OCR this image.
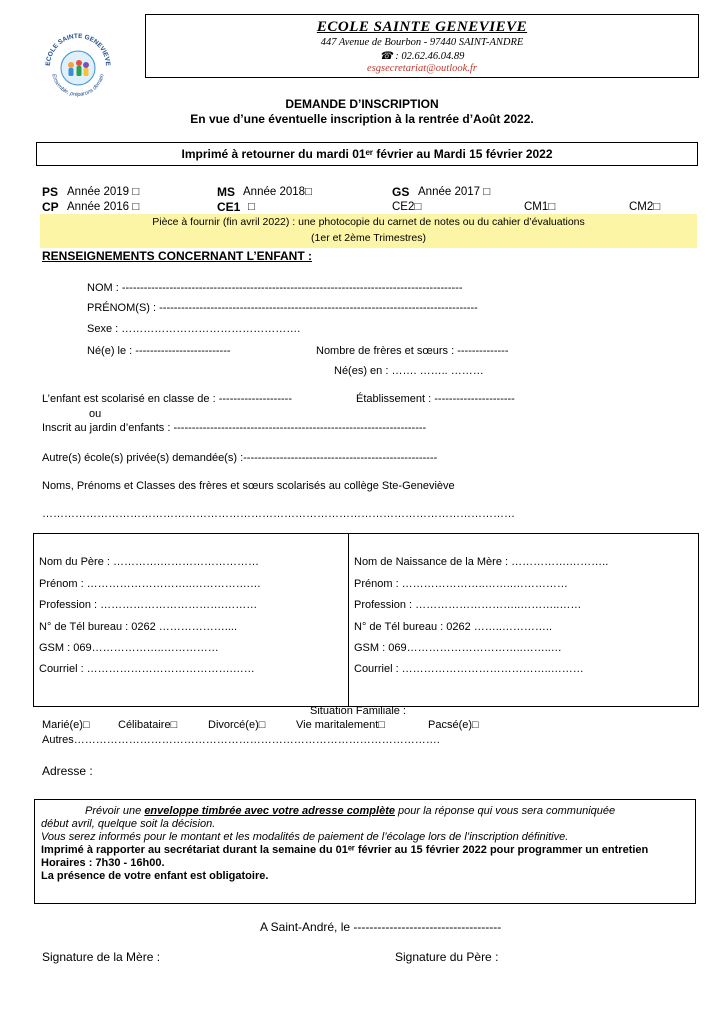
ECOLE SAINTE GENEVIEVE
Ensemble, préparons demain
ECOLE SAINTE GENEVIEVE
447 Avenue de Bourbon - 97440 SAINT-ANDRE
☎ : 02.62.46.04.89
esgsecretariat@outlook.fr
DEMANDE D’INSCRIPTION
En vue d’une éventuelle inscription à la rentrée d’Août 2022.
Imprimé à retourner du mardi 01ᵉʳ février au Mardi 15 février 2022
PS Année 2019 □	MS Année 2018□	GS Année 2017 □
CP Année 2016 □	CE1 □	CE2□	CM1□	CM2□
Pièce à fournir (fin avril 2022) : une photocopie du carnet de notes ou du cahier d’évaluations
(1er et 2ème Trimestres)
RENSEIGNEMENTS CONCERNANT L’ENFANT :
NOM : ---------------------------------------------------------------------------------------------
PRÉNOM(S) : ---------------------------------------------------------------------------------------
Sexe : ………………………………………….
Né(e) le : --------------------------	Nombre de frères et sœurs : --------------
Né(es) en : ……. …….. ………
L’enfant est scolarisé en classe de : --------------------	Établissement : ----------------------
ou
Inscrit au jardin d’enfants : ---------------------------------------------------------------------
Autre(s) école(s) privée(s) demandée(s) :-----------------------------------------------------
Noms, Prénoms et Classes des frères et sœurs scolarisés au collège Ste-Geneviève
…………………………………………………………………………………………………………………
Nom du Père : ………….………………………
Prénom : ………………………..…………….…
Profession : …………………………….………
N° de Tél bureau : 0262 ………………....
GSM : 069………………..……………
Courriel : ………………………………….……
Nom de Naissance de la Mère : …………….………..
Prénom : …………………..……..……………
Profession : ………………………..………..……
N° de Tél bureau : 0262 ……..…………..
GSM : 069…………………………..……..…
Courriel : …………………………………..………
Situation Familiale :
Marié(e)□	Célibataire□	Divorcé(e)□	Vie maritalement□	Pacsé(e)□
Autres……………………………………………………………………………………….
Adresse :

Prévoir une enveloppe timbrée avec votre adresse complète pour la réponse qui vous sera communiquée

début avril, quelque soit la décision.

Vous serez informés pour le montant et les modalités de paiement de l’écolage lors de l’inscription définitive.

Imprimé à rapporter au secrétariat durant la semaine du 01ᵉʳ février au 15 février 2022 pour programmer un entretien

Horaires : 7h30 - 16h00.

La présence de votre enfant est obligatoire.

A Saint-André, le -------------------------------------
Signature de la Mère :	Signature du Père :
